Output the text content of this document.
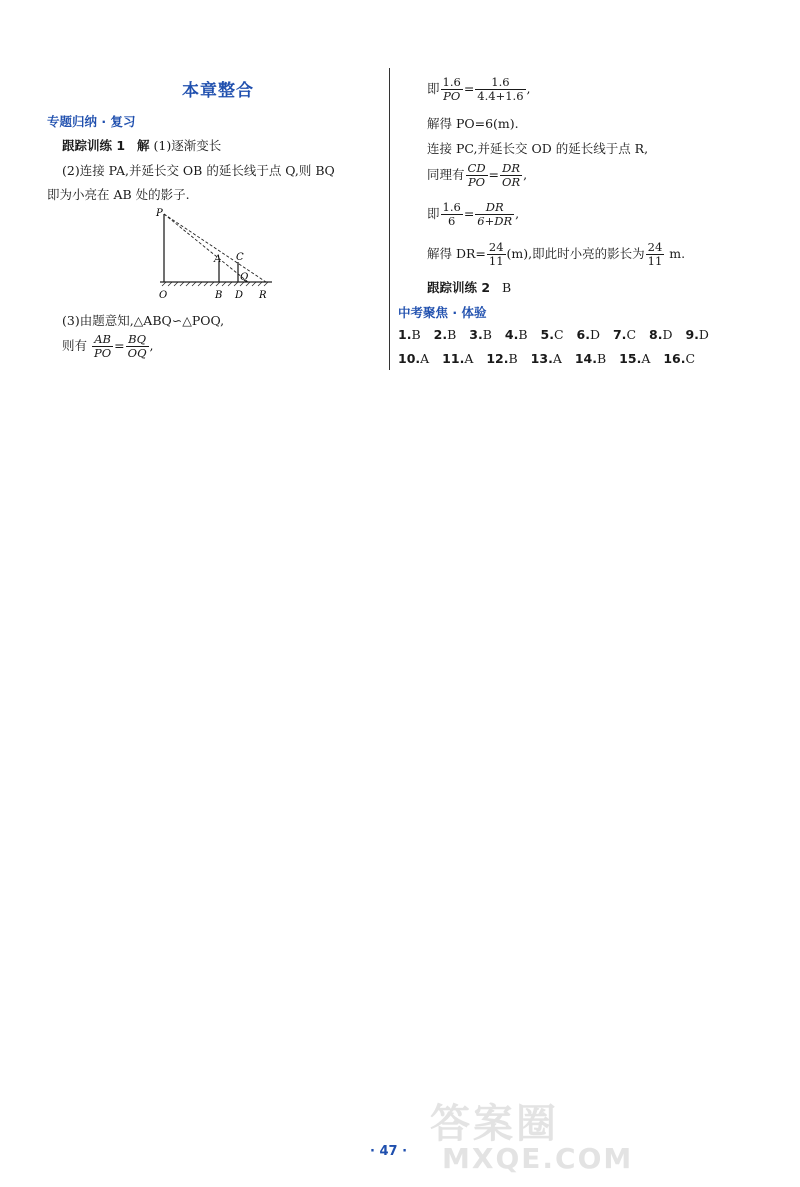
本章整合
专题归纳 · 复习
跟踪训练 1 解 (1)逐渐变长
(2)连接 PA,并延长交 OB 的延长线于点 Q,则 BQ
即为小亮在 AB 处的影子.
P
A C
Q
O	B D R
(3)由题意知,△ABQ∽△POQ,
则有 $\frac{AB}{PO} = \frac{BQ}{OQ}$ ,
即 $\frac{1.6}{PO} = \frac{1.6}{4.4+1.6}$ ,
解得 PO=6(m).
连接 PC,并延长交 OD 的延长线于点 R,
同理有 $\frac{CD}{PO} = \frac{DR}{OR}$ ,
即 $\frac{1.6}{6} = \frac{DR}{6+DR}$ ,
解得 $DR= \frac{24}{11} (m)$,即此时小亮的影长为 $\frac{24}{11} m$.
跟踪训练 2 B
中考聚焦 · 体验
1.B 2.B 3.B 4.B 5.C 6.D 7.C 8.D 9.D
10.A 11.A 12.B 13.A 14.B 15.A 16.C
· 47 ·
答案圈
MXQE.COM
